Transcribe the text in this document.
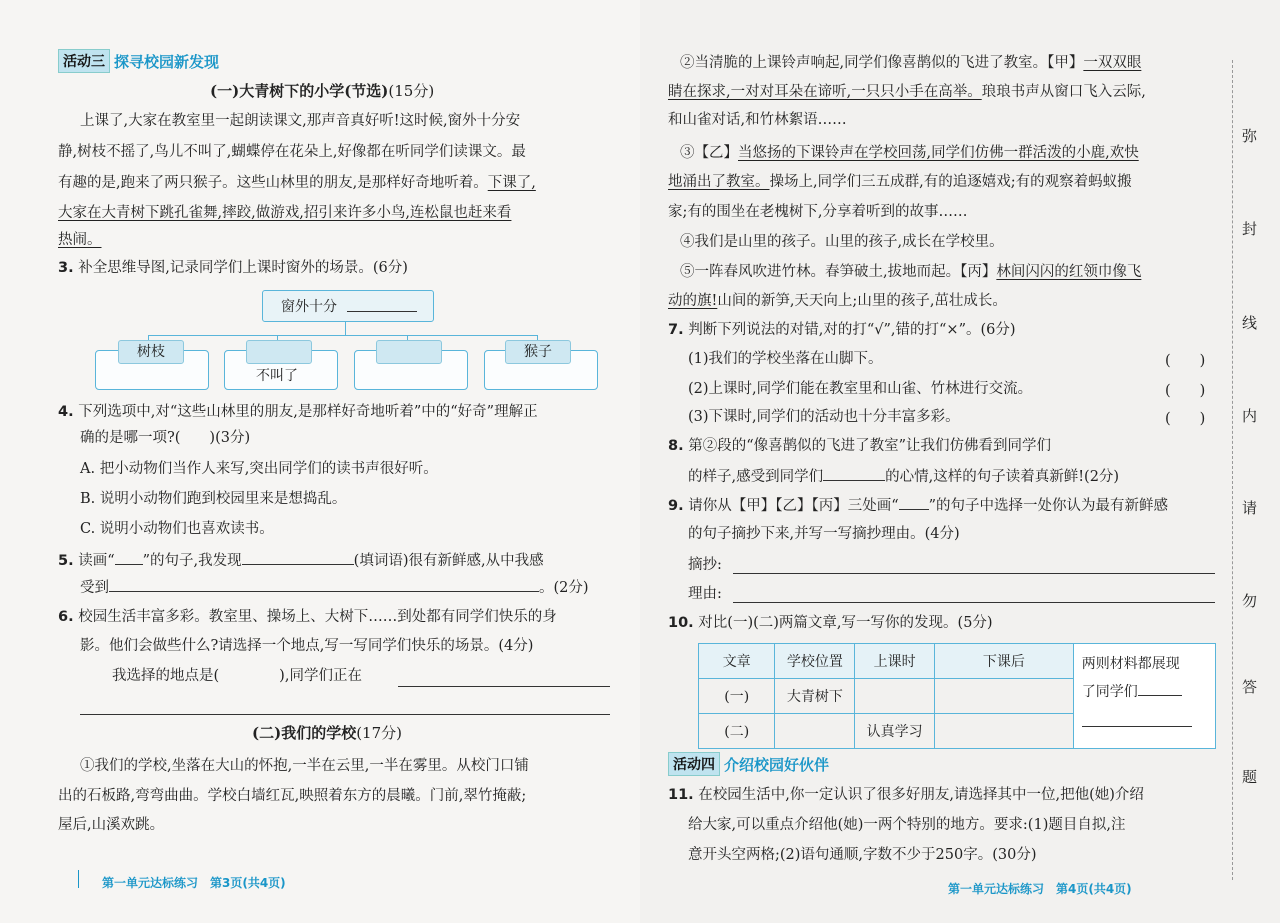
活动三 探寻校园新发现
(一)大青树下的小学(节选)(15分)
上课了,大家在教室里一起朗读课文,那声音真好听!这时候,窗外十分安
静,树枝不摇了,鸟儿不叫了,蝴蝶停在花朵上,好像都在听同学们读课文。最
有趣的是,跑来了两只猴子。这些山林里的朋友,是那样好奇地听着。下课了,
大家在大青树下跳孔雀舞,摔跤,做游戏,招引来许多小鸟,连松鼠也赶来看
热闹。
3. 补全思维导图,记录同学们上课时窗外的场景。(6分)
窗外十分
树枝
不叫了
猴子
4. 下列选项中,对“这些山林里的朋友,是那样好奇地听着”中的“好奇”理解正
确的是哪一项?(　　)(3分)
A. 把小动物们当作人来写,突出同学们的读书声很好听。
B. 说明小动物们跑到校园里来是想捣乱。
C. 说明小动物们也喜欢读书。
5. 读画“ ”的句子,我发现	(填词语)很有新鲜感,从中我感
受到	。(2分)
6. 校园生活丰富多彩。教室里、操场上、大树下……到处都有同学们快乐的身
影。他们会做些什么?请选择一个地点,写一写同学们快乐的场景。(4分)
我选择的地点是(	),同学们正在
(二)我们的学校(17分)
①我们的学校,坐落在大山的怀抱,一半在云里,一半在雾里。从校门口铺
出的石板路,弯弯曲曲。学校白墙红瓦,映照着东方的晨曦。门前,翠竹掩蔽;
屋后,山溪欢跳。
第一单元达标练习　第3页(共4页)
②当清脆的上课铃声响起,同学们像喜鹊似的飞进了教室。【甲】一双双眼
睛在探求,一对对耳朵在谛听,一只只小手在高举。琅琅书声从窗口飞入云际,
和山雀对话,和竹林絮语……
③【乙】当悠扬的下课铃声在学校回荡,同学们仿佛一群活泼的小鹿,欢快
地涌出了教室。操场上,同学们三五成群,有的追逐嬉戏;有的观察着蚂蚁搬
家;有的围坐在老槐树下,分享着听到的故事……
④我们是山里的孩子。山里的孩子,成长在学校里。
⑤一阵春风吹进竹林。春笋破土,拔地而起。【丙】林间闪闪的红领巾像飞
动的旗!山间的新笋,天天向上;山里的孩子,茁壮成长。
7. 判断下列说法的对错,对的打“√”,错的打“×”。(6分)
(1)我们的学校坐落在山脚下。	(　　)
(2)上课时,同学们能在教室里和山雀、竹林进行交流。	(　　)
(3)下课时,同学们的活动也十分丰富多彩。	(　　)
8. 第②段的“像喜鹊似的飞进了教室”让我们仿佛看到同学们
的样子,感受到同学们	的心情,这样的句子读着真新鲜!(2分)
9. 请你从【甲】【乙】【丙】三处画“ ”的句子中选择一处你认为最有新鲜感
的句子摘抄下来,并写一写摘抄理由。(4分)
摘抄:
理由:
10. 对比(一)(二)两篇文章,写一写你的发现。(5分)
文章	学校位置	上课时	下课后	两则材料都展现
了同学们

(一)	大青树下			
(二)		认真学习		
活动四 介绍校园好伙伴
11. 在校园生活中,你一定认识了很多好朋友,请选择其中一位,把他(她)介绍
给大家,可以重点介绍他(她)一两个特别的地方。要求:(1)题目自拟,注
意开头空两格;(2)语句通顺,字数不少于250字。(30分)
第一单元达标练习　第4页(共4页)
弥
封
线
内
请
勿
答
题
